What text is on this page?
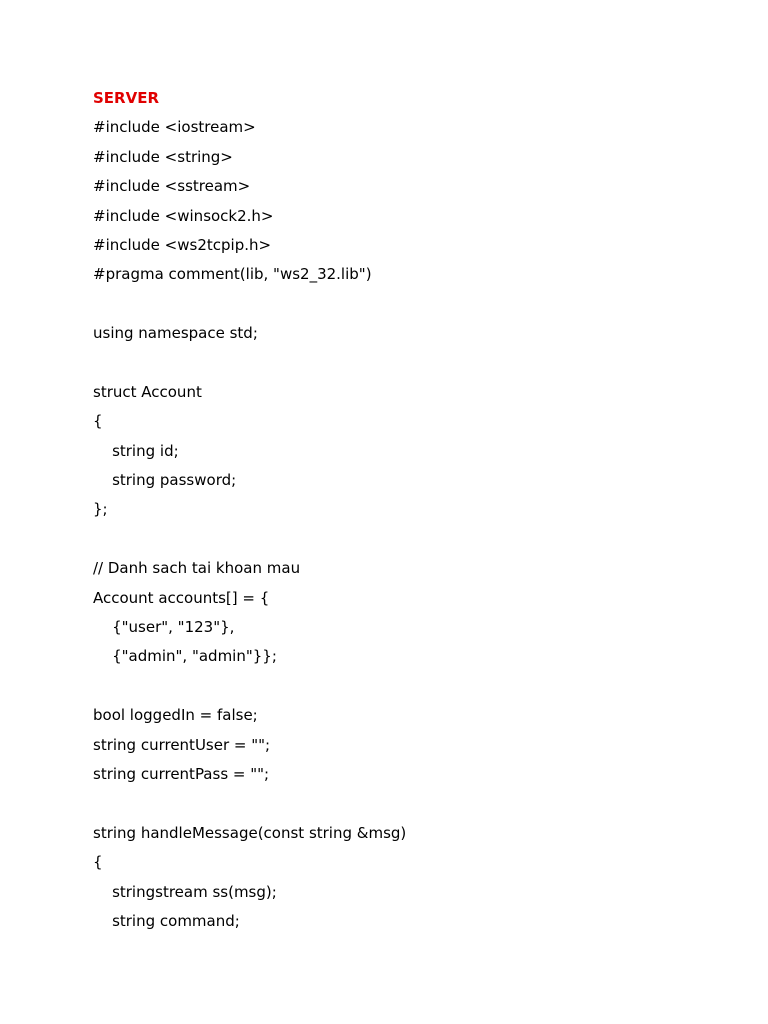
SERVER
#include <iostream>
#include <string>
#include <sstream>
#include <winsock2.h>
#include <ws2tcpip.h>
#pragma comment(lib, "ws2_32.lib")
using namespace std;
struct Account
{
string id;
string password;
};
// Danh sach tai khoan mau
Account accounts[] = {
{"user", "123"},
{"admin", "admin"}};
bool loggedIn = false;
string currentUser = "";
string currentPass = "";
string handleMessage(const string &msg)
{
stringstream ss(msg);
string command;
